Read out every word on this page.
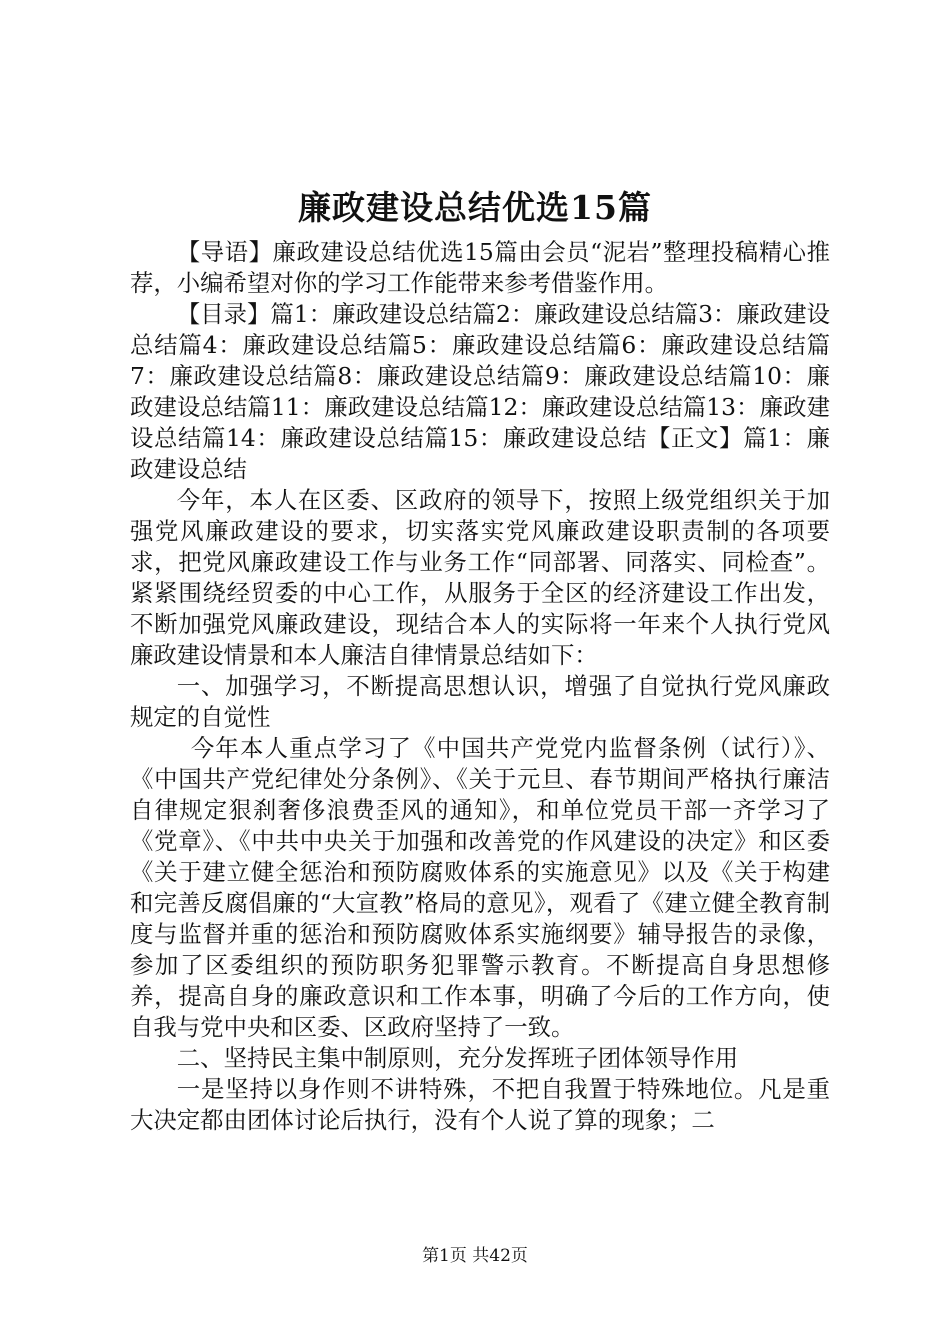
廉政建设总结优选15篇

【导语】廉政建设总结优选15篇由会员“泥岩”整理投稿精心推荐，小编希望对你的学习工作能带来参考借鉴作用。

【目录】篇1：廉政建设总结篇2：廉政建设总结篇3：廉政建设总结篇4：廉政建设总结篇5：廉政建设总结篇6：廉政建设总结篇7：廉政建设总结篇8：廉政建设总结篇9：廉政建设总结篇10：廉政建设总结篇11：廉政建设总结篇12：廉政建设总结篇13：廉政建设总结篇14：廉政建设总结篇15：廉政建设总结【正文】篇1：廉政建设总结

今年，本人在区委、区政府的领导下，按照上级党组织关于加强党风廉政建设的要求，切实落实党风廉政建设职责制的各项要求，把党风廉政建设工作与业务工作“同部署、同落实、同检查”。紧紧围绕经贸委的中心工作，从服务于全区的经济建设工作出发，不断加强党风廉政建设，现结合本人的实际将一年来个人执行党风廉政建设情景和本人廉洁自律情景总结如下：

一、加强学习，不断提高思想认识，增强了自觉执行党风廉政规定的自觉性

今年本人重点学习了《中国共产党党内监督条例（试行）》、《中国共产党纪律处分条例》、《关于元旦、春节期间严格执行廉洁自律规定狠刹奢侈浪费歪风的通知》，和单位党员干部一齐学习了《党章》、《中共中央关于加强和改善党的作风建设的决定》和区委《关于建立健全惩治和预防腐败体系的实施意见》以及《关于构建和完善反腐倡廉的“大宣教”格局的意见》，观看了《建立健全教育制度与监督并重的惩治和预防腐败体系实施纲要》辅导报告的录像，参加了区委组织的预防职务犯罪警示教育。不断提高自身思想修养，提高自身的廉政意识和工作本事，明确了今后的工作方向，使自我与党中央和区委、区政府坚持了一致。

二、坚持民主集中制原则，充分发挥班子团体领导作用

一是坚持以身作则不讲特殊，不把自我置于特殊地位。凡是重大决定都由团体讨论后执行，没有个人说了算的现象；二

第1页 共42页
